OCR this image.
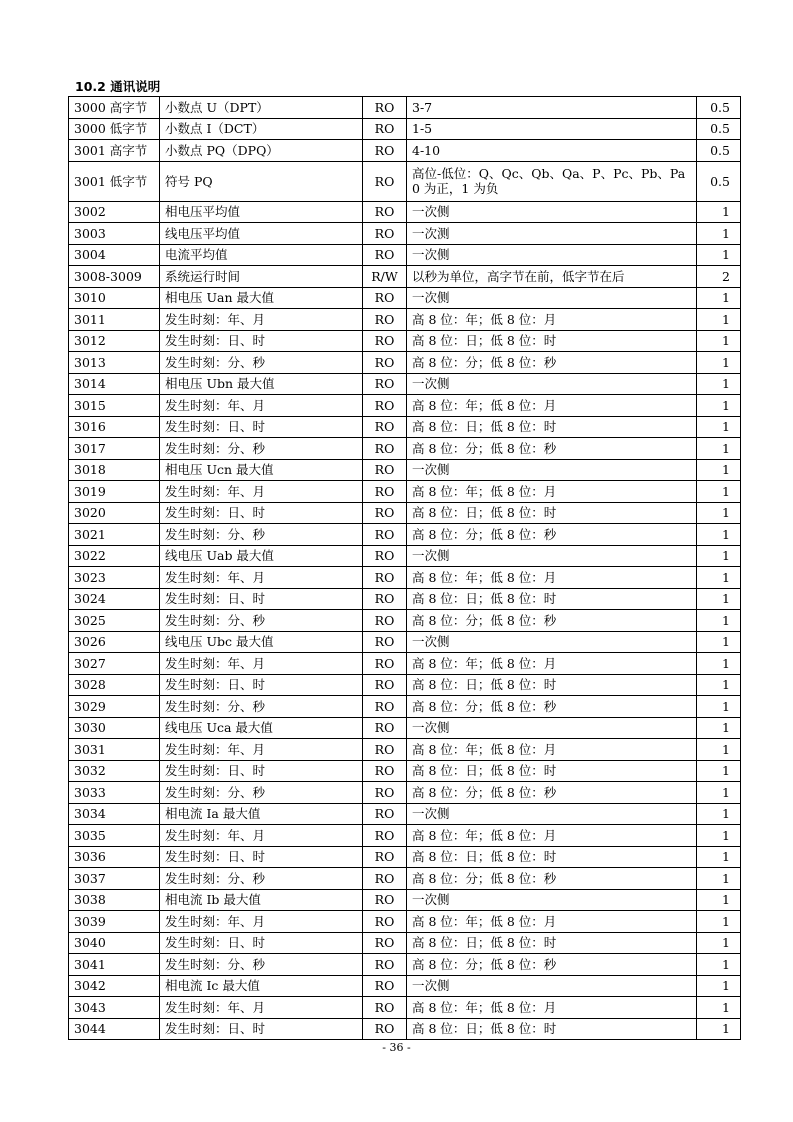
10.2 通讯说明
3000 高字节	小数点 U（DPT）	RO	3-7	0.5
3000 低字节	小数点 I（DCT）	RO	1-5	0.5
3001 高字节	小数点 PQ（DPQ）	RO	4-10	0.5
3001 低字节	符号 PQ	RO	高位-低位：Q、Qc、Qb、Qa、P、Pc、Pb、Pa 0 为正，1 为负	0.5
3002	相电压平均值	RO	一次侧	1
3003	线电压平均值	RO	一次测	1
3004	电流平均值	RO	一次侧	1
3008-3009	系统运行时间	R/W	以秒为单位，高字节在前，低字节在后	2
3010	相电压 Uan 最大值	RO	一次侧	1
3011	发生时刻：年、月	RO	高 8 位：年；低 8 位：月	1
3012	发生时刻：日、时	RO	高 8 位：日；低 8 位：时	1
3013	发生时刻：分、秒	RO	高 8 位：分；低 8 位：秒	1
3014	相电压 Ubn 最大值	RO	一次侧	1
3015	发生时刻：年、月	RO	高 8 位：年；低 8 位：月	1
3016	发生时刻：日、时	RO	高 8 位：日；低 8 位：时	1
3017	发生时刻：分、秒	RO	高 8 位：分；低 8 位：秒	1
3018	相电压 Ucn 最大值	RO	一次侧	1
3019	发生时刻：年、月	RO	高 8 位：年；低 8 位：月	1
3020	发生时刻：日、时	RO	高 8 位：日；低 8 位：时	1
3021	发生时刻：分、秒	RO	高 8 位：分；低 8 位：秒	1
3022	线电压 Uab 最大值	RO	一次侧	1
3023	发生时刻：年、月	RO	高 8 位：年；低 8 位：月	1
3024	发生时刻：日、时	RO	高 8 位：日；低 8 位：时	1
3025	发生时刻：分、秒	RO	高 8 位：分；低 8 位：秒	1
3026	线电压 Ubc 最大值	RO	一次侧	1
3027	发生时刻：年、月	RO	高 8 位：年；低 8 位：月	1
3028	发生时刻：日、时	RO	高 8 位：日；低 8 位：时	1
3029	发生时刻：分、秒	RO	高 8 位：分；低 8 位：秒	1
3030	线电压 Uca 最大值	RO	一次侧	1
3031	发生时刻：年、月	RO	高 8 位：年；低 8 位：月	1
3032	发生时刻：日、时	RO	高 8 位：日；低 8 位：时	1
3033	发生时刻：分、秒	RO	高 8 位：分；低 8 位：秒	1
3034	相电流 Ia 最大值	RO	一次侧	1
3035	发生时刻：年、月	RO	高 8 位：年；低 8 位：月	1
3036	发生时刻：日、时	RO	高 8 位：日；低 8 位：时	1
3037	发生时刻：分、秒	RO	高 8 位：分；低 8 位：秒	1
3038	相电流 Ib 最大值	RO	一次侧	1
3039	发生时刻：年、月	RO	高 8 位：年；低 8 位：月	1
3040	发生时刻：日、时	RO	高 8 位：日；低 8 位：时	1
3041	发生时刻：分、秒	RO	高 8 位：分；低 8 位：秒	1
3042	相电流 Ic 最大值	RO	一次侧	1
3043	发生时刻：年、月	RO	高 8 位：年；低 8 位：月	1
3044	发生时刻：日、时	RO	高 8 位：日；低 8 位：时	1
- 36 -
